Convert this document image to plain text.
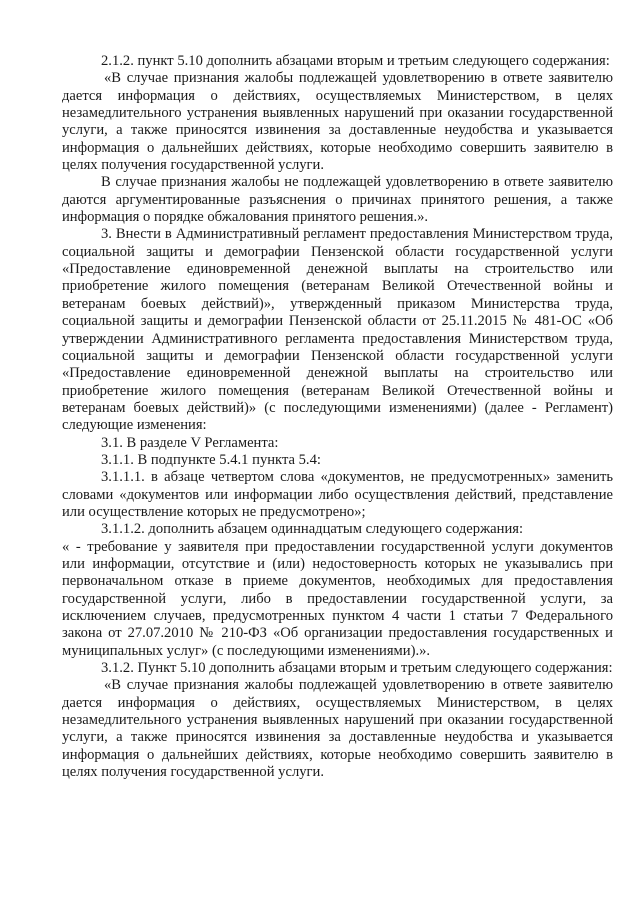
2.1.2. пункт 5.10 дополнить абзацами вторым и третьим следующего содержания:

«В случае признания жалобы подлежащей удовлетворению в ответе заявителю дается информация о действиях, осуществляемых Министерством, в целях незамедлительного устранения выявленных нарушений при оказании государственной услуги, а также приносятся извинения за доставленные неудобства и указывается информация о дальнейших действиях, которые необходимо совершить заявителю в целях получения государственной услуги.

В случае признания жалобы не подлежащей удовлетворению в ответе заявителю даются аргументированные разъяснения о причинах принятого решения, а также информация о порядке обжалования принятого решения.».

3. Внести в Административный регламент предоставления Министерством труда, социальной защиты и демографии Пензенской области государственной услуги «Предоставление единовременной денежной выплаты на строительство или приобретение жилого помещения (ветеранам Великой Отечественной войны и ветеранам боевых действий)», утвержденный приказом Министерства труда, социальной защиты и демографии Пензенской области от 25.11.2015 № 481-ОС «Об утверждении Административного регламента предоставления Министерством труда, социальной защиты и демографии Пензенской области государственной услуги «Предоставление единовременной денежной выплаты на строительство или приобретение жилого помещения (ветеранам Великой Отечественной войны и ветеранам боевых действий)» (с последующими изменениями) (далее - Регламент) следующие изменения:

3.1. В разделе V Регламента:

3.1.1. В подпункте 5.4.1 пункта 5.4:

3.1.1.1. в абзаце четвертом слова «документов, не предусмотренных» заменить словами «документов или информации либо осуществления действий, представление или осуществление которых не предусмотрено»;

3.1.1.2. дополнить абзацем одиннадцатым следующего содержания:

« - требование у заявителя при предоставлении государственной услуги документов или информации, отсутствие и (или) недостоверность которых не указывались при первоначальном отказе в приеме документов, необходимых для предоставления государственной услуги, либо в предоставлении государственной услуги, за исключением случаев, предусмотренных пунктом 4 части 1 статьи 7 Федерального закона от 27.07.2010 № 210-ФЗ «Об организации предоставления государственных и муниципальных услуг» (с последующими изменениями).».

3.1.2. Пункт 5.10 дополнить абзацами вторым и третьим следующего содержания:

«В случае признания жалобы подлежащей удовлетворению в ответе заявителю дается информация о действиях, осуществляемых Министерством, в целях незамедлительного устранения выявленных нарушений при оказании государственной услуги, а также приносятся извинения за доставленные неудобства и указывается информация о дальнейших действиях, которые необходимо совершить заявителю в целях получения государственной услуги.
